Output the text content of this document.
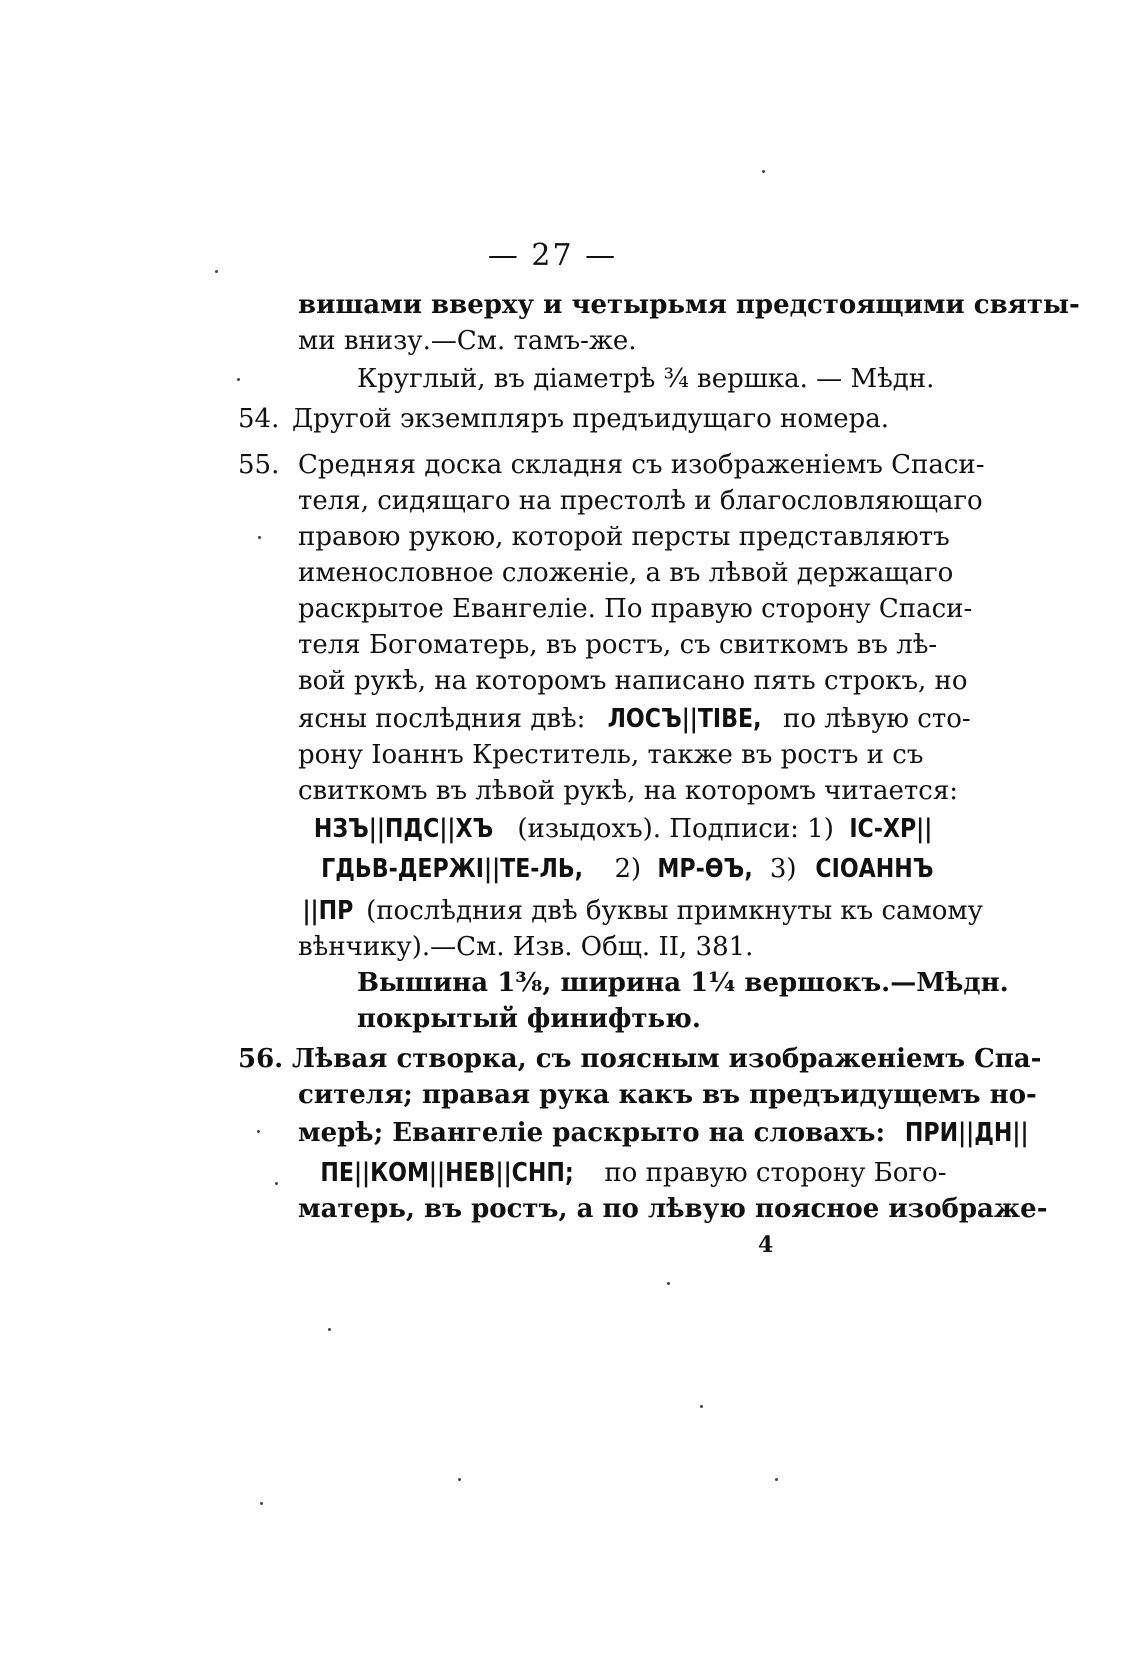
— 27 —
вишами вверху и четырьмя предстоящими святы-
ми внизу.—См. тамъ-же.
Круглый, въ діаметрѣ ³⁄₄ вершка. — Мѣдн.
54. Другой экземпляръ предъидущаго номера.
55. Средняя доска складня съ изображеніемъ Спаси-
теля, сидящаго на престолѣ и благословляющаго
правою рукою, которой персты представляютъ
именословное сложеніе, а въ лѣвой держащаго
раскрытое Евангеліе. По правую сторону Спаси-
теля Богоматерь, въ ростъ, съ свиткомъ въ лѣ-
вой рукѣ, на которомъ написано пять строкъ, но
ясны послѣдния двѣ: ЛОСЪ||ТІВЕ, по лѣвую сто-
рону Іоаннъ Креститель, также въ ростъ и съ
свиткомъ въ лѣвой рукѣ, на которомъ читается:
НЗЪ||ПДС||ХЪ (изыдохъ). Подписи: 1) ІС-ХР||
ГДЬВ-ДЕРЖІ||ТЕ-ЛЬ, 2) МР-ѲЪ, 3) СІОАННЪ
||ПР (послѣдния двѣ буквы примкнуты къ самому
вѣнчику).—См. Изв. Общ. II, 381.
Вышина 1³⁄₈, ширина 1¹⁄₄ вершокъ.—Мѣдн.
покрытый финифтью.
56. Лѣвая створка, съ поясным изображеніемъ Спа-
сителя; правая рука какъ въ предъидущемъ но-
мерѣ; Евангеліе раскрыто на словахъ: ПРИ||ДН||
ПЕ||КОМ||НЕВ||СНП; по правую сторону Бого-
матерь, въ ростъ, а по лѣвую поясное изображе-
4
